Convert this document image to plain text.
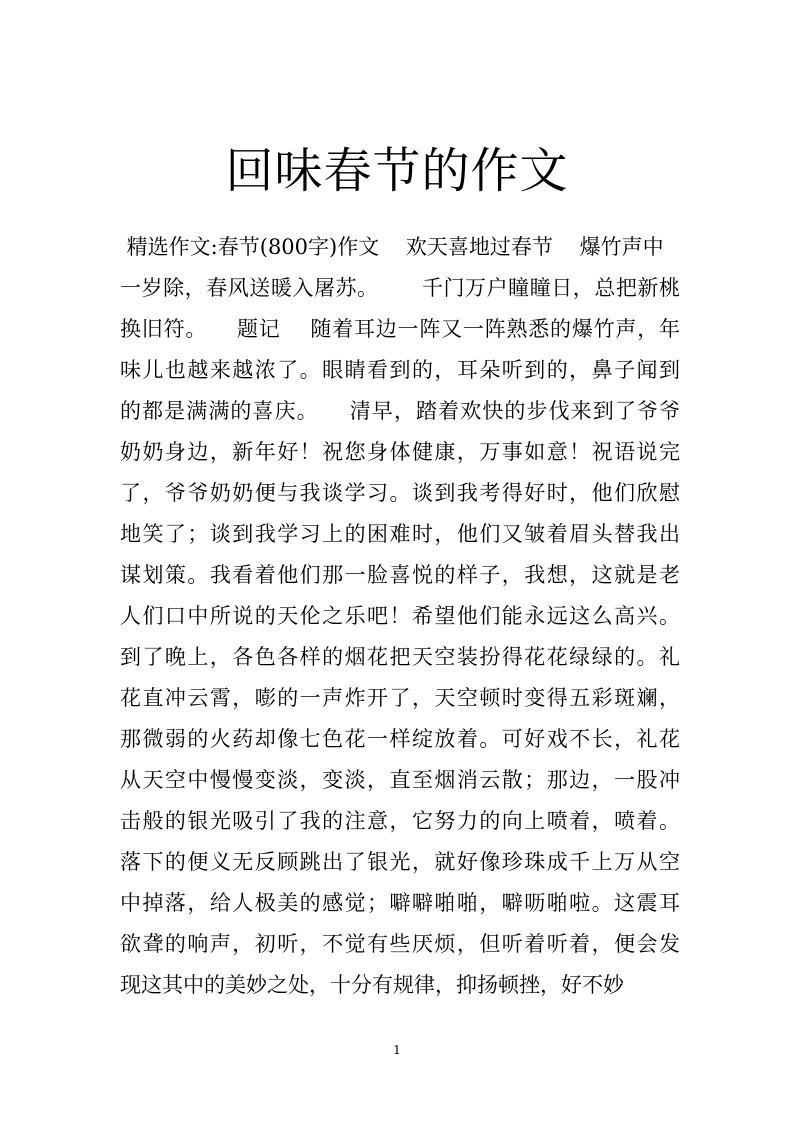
回味春节的作文
精选作文:春节(800字)作文    欢天喜地过春节    爆竹声中
一岁除，春风送暖入屠苏。      千门万户瞳瞳日，总把新桃
换旧符。    题记    随着耳边一阵又一阵熟悉的爆竹声，年
味儿也越来越浓了。眼睛看到的，耳朵听到的，鼻子闻到
的都是满满的喜庆。    清早，踏着欢快的步伐来到了爷爷
奶奶身边，新年好！祝您身体健康，万事如意！祝语说完
了，爷爷奶奶便与我谈学习。谈到我考得好时，他们欣慰
地笑了；谈到我学习上的困难时，他们又皱着眉头替我出
谋划策。我看着他们那一脸喜悦的样子，我想，这就是老
人们口中所说的天伦之乐吧！希望他们能永远这么高兴。
到了晚上，各色各样的烟花把天空装扮得花花绿绿的。礼
花直冲云霄，嘭的一声炸开了，天空顿时变得五彩斑斓，
那微弱的火药却像七色花一样绽放着。可好戏不长，礼花
从天空中慢慢变淡，变淡，直至烟消云散；那边，一股冲
击般的银光吸引了我的注意，它努力的向上喷着，喷着。
落下的便义无反顾跳出了银光，就好像珍珠成千上万从空
中掉落，给人极美的感觉；噼噼啪啪，噼呖啪啦。这震耳
欲聋的响声，初听，不觉有些厌烦，但听着听着，便会发
现这其中的美妙之处，十分有规律，抑扬顿挫，好不妙
1
